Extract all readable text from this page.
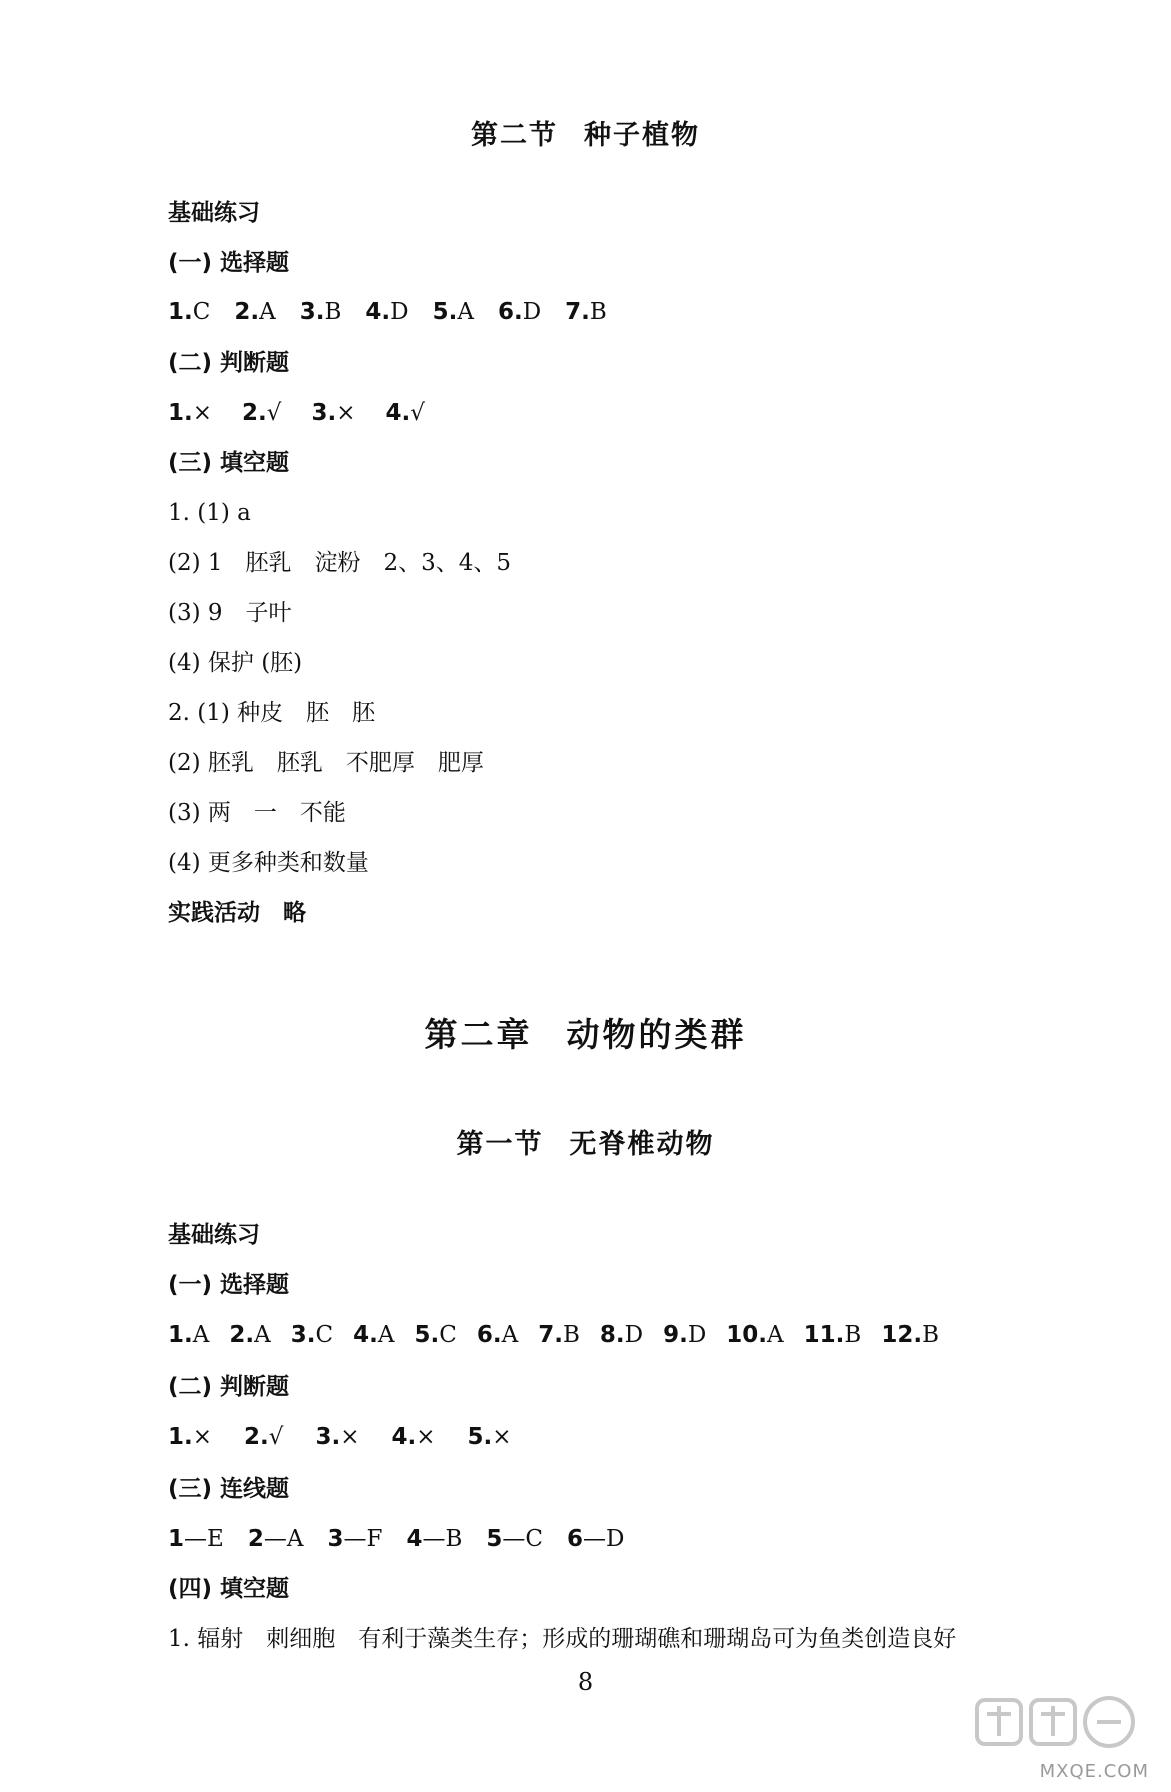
第二节 种子植物
基础练习
(一) 选择题
1.C 2.A 3.B 4.D 5.A 6.D 7.B
(二) 判断题
1.× 2.√ 3.× 4.√
(三) 填空题
1. (1) a
(2) 1　胚乳　淀粉　2、3、4、5
(3) 9　子叶
(4) 保护 (胚)
2. (1) 种皮　胚　胚
(2) 胚乳　胚乳　不肥厚　肥厚
(3) 两　一　不能
(4) 更多种类和数量
实践活动　略
第二章 动物的类群
第一节 无脊椎动物
基础练习
(一) 选择题
1.A 2.A 3.C 4.A 5.C 6.A 7.B 8.D 9.D 10.A 11.B 12.B
(二) 判断题
1.× 2.√ 3.× 4.× 5.×
(三) 连线题
1—E 2—A 3—F 4—B 5—C 6—D
(四) 填空题
1. 辐射　刺细胞　有利于藻类生存；形成的珊瑚礁和珊瑚岛可为鱼类创造良好
8
MXQE.COM
